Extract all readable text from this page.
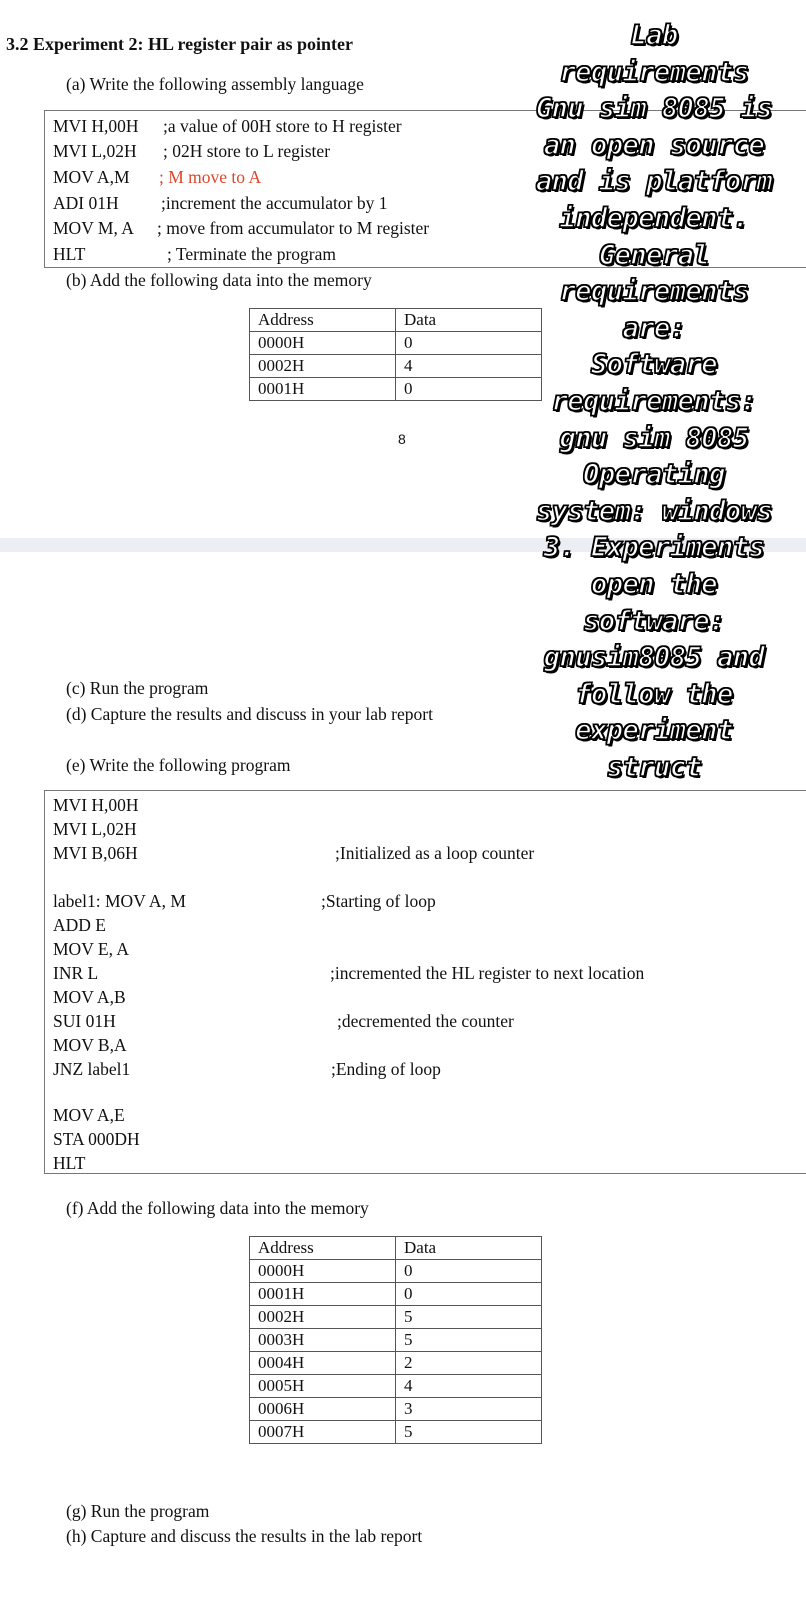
3.2 Experiment 2: HL register pair as pointer
(a) Write the following assembly language
MVI H,00H ;a value of 00H store to H register
MVI L,02H ; 02H store to L register
MOV A,M ; M move to A
ADI 01H ;increment the accumulator by 1
MOV M, A ; move from accumulator to M register
HLT	; Terminate the program
(b) Add the following data into the memory
Address	Data
0000H	0
0002H	4
0001H	0
8
(c) Run the program
(d) Capture the results and discuss in your lab report
(e) Write the following program
MVI H,00H
MVI L,02H
MVI B,06H	;Initialized as a loop counter
label1: MOV A, M	;Starting of loop
ADD E
MOV E, A
INR L	;incremented the HL register to next location
MOV A,B
SUI 01H	;decremented the counter
MOV B,A
JNZ label1	;Ending of loop
MOV A,E
STA 000DH
HLT
(f) Add the following data into the memory
Address	Data
0000H	0
0001H	0
0002H	5
0003H	5
0004H	2
0005H	4
0006H	3
0007H	5
(g) Run the program
(h) Capture and discuss the results in the lab report
Lab
requirements
Gnu sim 8085 is
an open source
and is platform
independent.
General
requirements
are:
Software
requirements:
gnu sim 8085
Operating
system: windows
3. Experiments
open the
software:
gnusim8085 and
follow the
experiment
struct
